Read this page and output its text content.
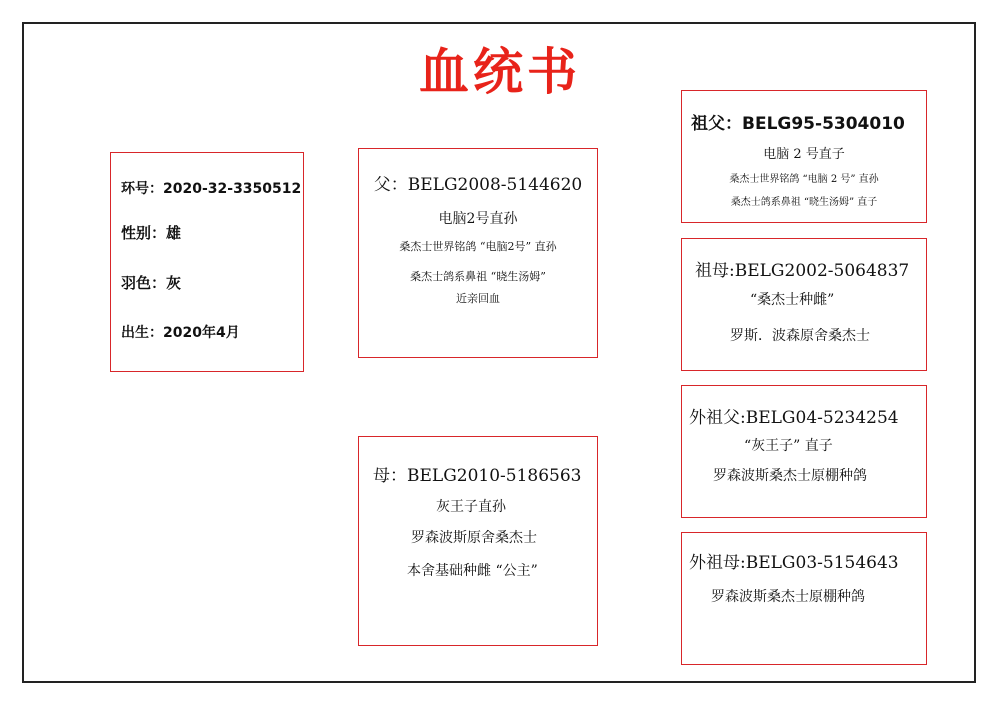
血统书
环号：2020-32-3350512
性别：雄
羽色：灰
出生：2020年4月
父：BELG2008-5144620
电脑2号直孙
桑杰士世界铭鸽 “电脑2号” 直孙
桑杰士鸽系鼻祖 “晓生汤姆”
近亲回血
母：BELG2010-5186563
灰王子直孙
罗森波斯原舍桑杰士
本舍基础种雌 “公主”
祖父：BELG95-5304010
电脑 2 号直子
桑杰士世界铭鸽 “电脑 2 号” 直孙
桑杰士鸽系鼻祖 “晓生汤姆” 直子
祖母:BELG2002-5064837
“桑杰士种雌”
罗斯．波森原舍桑杰士
外祖父:BELG04-5234254
“灰王子” 直子
罗森波斯桑杰士原棚种鸽
外祖母:BELG03-5154643
罗森波斯桑杰士原棚种鸽
